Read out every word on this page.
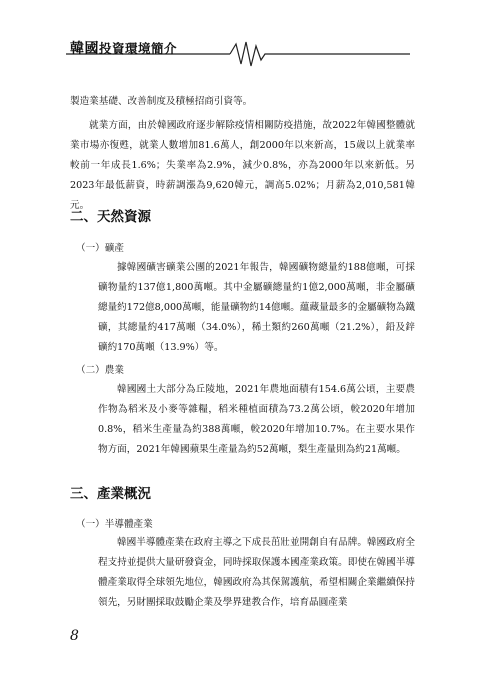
韓國投資環境簡介

製造業基礎、改善制度及積極招商引資等。

就業方面，由於韓國政府逐步解除疫情相關防疫措施，故2022年韓國整體就業市場亦復甦，就業人數增加81.6萬人，創2000年以來新高，15歲以上就業率較前一年成長1.6%；失業率為2.9%，減少0.8%，亦為2000年以來新低。另2023年最低薪資，時薪調漲為9,620韓元，調高5.02%；月薪為2,010,581韓元。

二、天然資源
（一）礦產

據韓國礦害礦業公團的2021年報告，韓國礦物總量約188億噸，可採礦物量約137億1,800萬噸。其中金屬礦總量約1億2,000萬噸，非金屬礦總量約172億8,000萬噸，能量礦物約14億噸。蘊藏量最多的金屬礦物為鐵礦，其總量約417萬噸（34.0%），稀土類約260萬噸（21.2%），鉛及鋅礦約170萬噸（13.9%）等。

（二）農業

韓國國土大部分為丘陵地，2021年農地面積有154.6萬公頃，主要農作物為稻米及小麥等雜糧，稻米種植面積為73.2萬公頃，較2020年增加0.8%，稻米生產量為約388萬噸，較2020年增加10.7%。在主要水果作物方面，2021年韓國蘋果生產量為約52萬噸，梨生產量則為約21萬噸。

三、產業概況
（一）半導體產業

韓國半導體產業在政府主導之下成長茁壯並開創自有品牌。韓國政府全程支持並提供大量研發資金，同時採取保護本國產業政策。即使在韓國半導體產業取得全球領先地位，韓國政府為其保駕護航，希望相關企業繼續保持領先，另財團採取鼓勵企業及學界建教合作，培育晶圓產業

8
